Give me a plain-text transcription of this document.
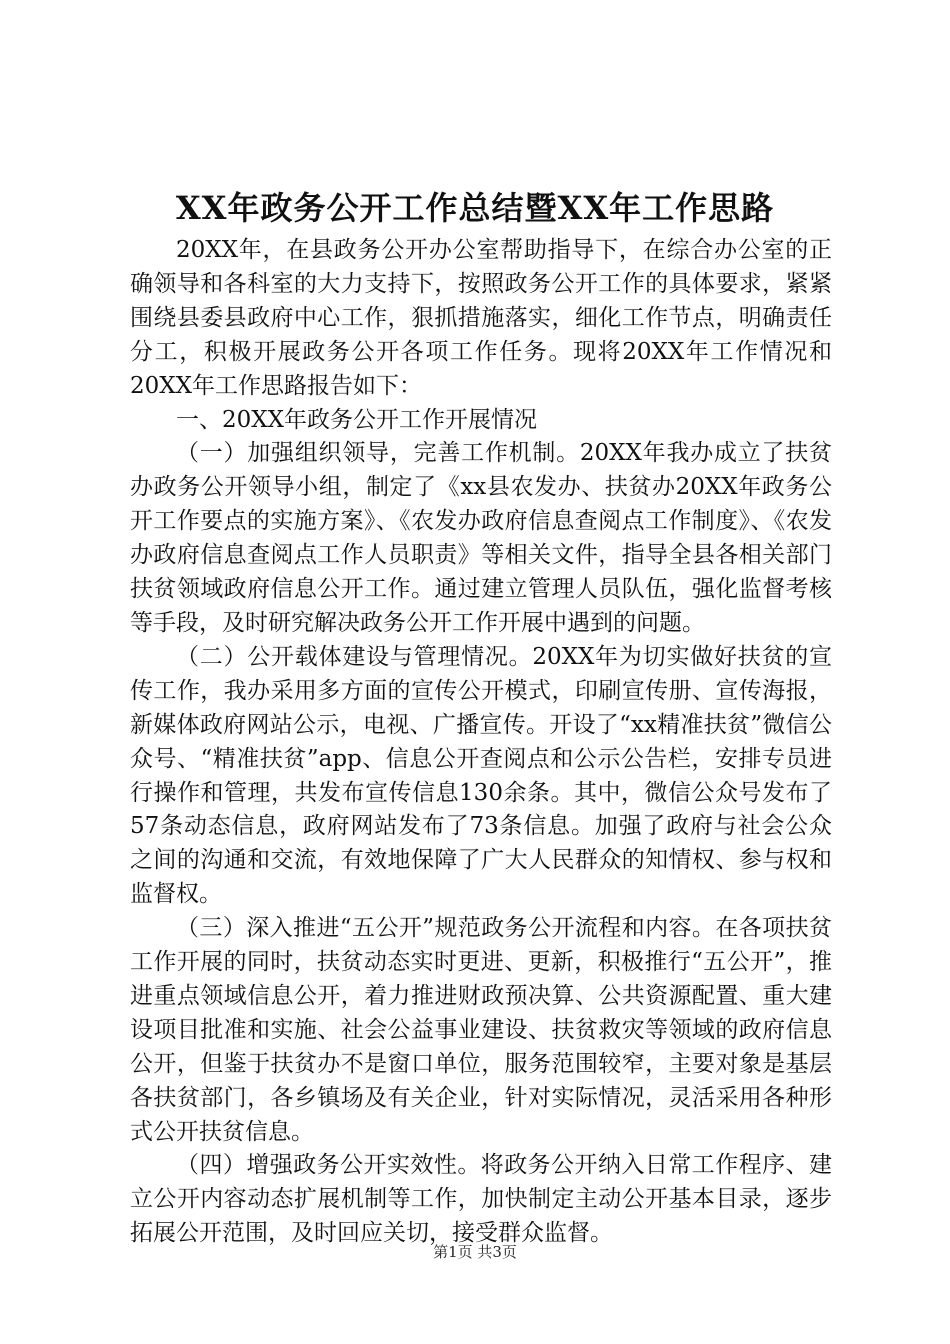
XX年政务公开工作总结暨XX年工作思路

20XX年，在县政务公开办公室帮助指导下，在综合办公室的正确领导和各科室的大力支持下，按照政务公开工作的具体要求，紧紧围绕县委县政府中心工作，狠抓措施落实，细化工作节点，明确责任分工，积极开展政务公开各项工作任务。现将20XX年工作情况和20XX年工作思路报告如下：

一、20XX年政务公开工作开展情况

（一）加强组织领导，完善工作机制。20XX年我办成立了扶贫办政务公开领导小组，制定了《xx县农发办、扶贫办20XX年政务公开工作要点的实施方案》、《农发办政府信息查阅点工作制度》、《农发办政府信息查阅点工作人员职责》等相关文件，指导全县各相关部门扶贫领域政府信息公开工作。通过建立管理人员队伍，强化监督考核等手段，及时研究解决政务公开工作开展中遇到的问题。

（二）公开载体建设与管理情况。20XX年为切实做好扶贫的宣传工作，我办采用多方面的宣传公开模式，印刷宣传册、宣传海报，新媒体政府网站公示，电视、广播宣传。开设了“xx精准扶贫”微信公众号、“精准扶贫”app、信息公开查阅点和公示公告栏，安排专员进行操作和管理，共发布宣传信息130余条。其中，微信公众号发布了57条动态信息，政府网站发布了73条信息。加强了政府与社会公众之间的沟通和交流，有效地保障了广大人民群众的知情权、参与权和监督权。

（三）深入推进“五公开”规范政务公开流程和内容。在各项扶贫工作开展的同时，扶贫动态实时更进、更新，积极推行“五公开”，推进重点领域信息公开，着力推进财政预决算、公共资源配置、重大建设项目批准和实施、社会公益事业建设、扶贫救灾等领域的政府信息公开，但鉴于扶贫办不是窗口单位，服务范围较窄，主要对象是基层各扶贫部门，各乡镇场及有关企业，针对实际情况，灵活采用各种形式公开扶贫信息。

（四）增强政务公开实效性。将政务公开纳入日常工作程序、建立公开内容动态扩展机制等工作，加快制定主动公开基本目录，逐步拓展公开范围，及时回应关切，接受群众监督。

第1页 共3页
